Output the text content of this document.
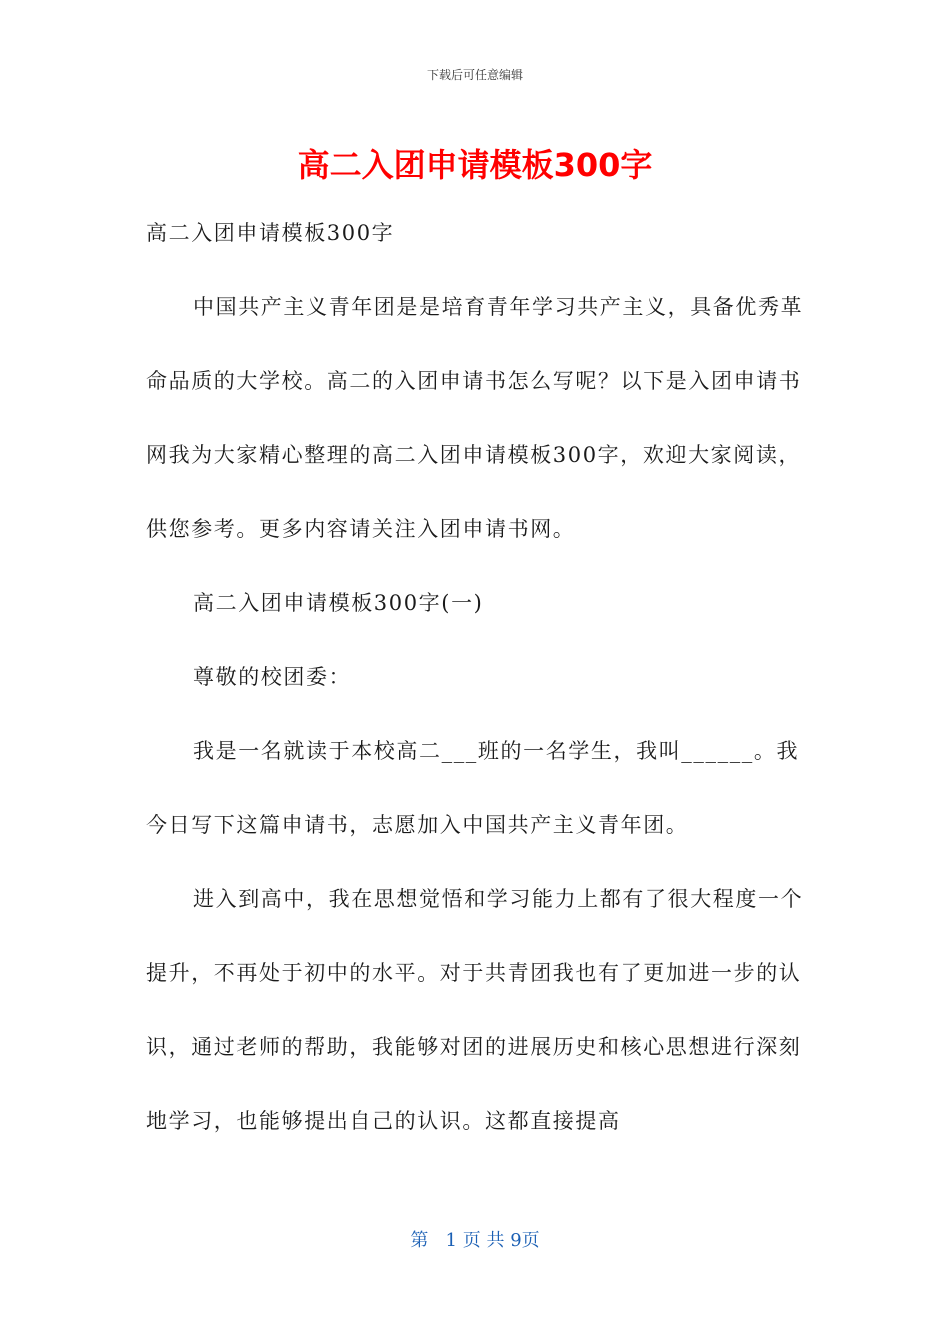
下载后可任意编辑
高二入团申请模板300字

高二入团申请模板300字

中国共产主义青年团是是培育青年学习共产主义，具备优秀革命品质的大学校。高二的入团申请书怎么写呢？以下是入团申请书网我为大家精心整理的高二入团申请模板300字，欢迎大家阅读，供您参考。更多内容请关注入团申请书网。

高二入团申请模板300字(一)

尊敬的校团委：

我是一名就读于本校高二___班的一名学生，我叫______。我今日写下这篇申请书，志愿加入中国共产主义青年团。

进入到高中，我在思想觉悟和学习能力上都有了很大程度一个提升，不再处于初中的水平。对于共青团我也有了更加进一步的认识，通过老师的帮助，我能够对团的进展历史和核心思想进行深刻地学习，也能够提出自己的认识。这都直接提高

第 1 页 共 9页
